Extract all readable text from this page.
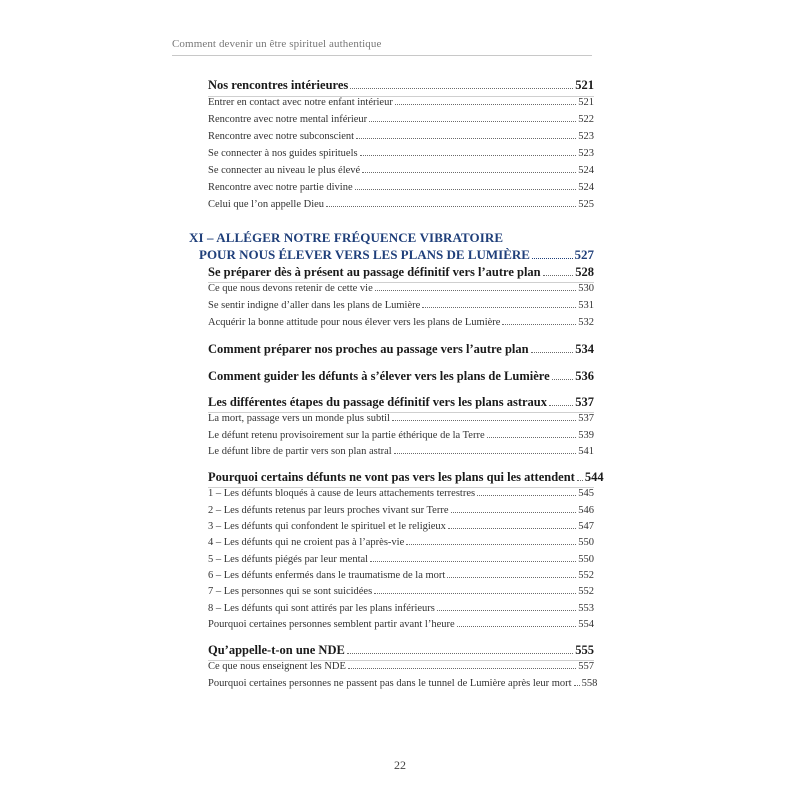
Comment devenir un être spirituel authentique
Nos rencontres intérieures	521
Entrer en contact avec notre enfant intérieur	521
Rencontre avec notre mental inférieur	522
Rencontre avec notre subconscient	523
Se connecter à nos guides spirituels	523
Se connecter au niveau le plus élevé	524
Rencontre avec notre partie divine	524
Celui que l’on appelle Dieu	525
XI – ALLÉGER NOTRE FRÉQUENCE VIBRATOIRE
POUR NOUS ÉLEVER VERS LES PLANS DE LUMIÈRE	527
Se préparer dès à présent au passage définitif vers l’autre plan	528
Ce que nous devons retenir de cette vie	530
Se sentir indigne d’aller dans les plans de Lumière	531
Acquérir la bonne attitude pour nous élever vers les plans de Lumière	532
Comment préparer nos proches au passage vers l’autre plan	534
Comment guider les défunts à s’élever vers les plans de Lumière 536
Les différentes étapes du passage définitif vers les plans astraux 537
La mort, passage vers un monde plus subtil	537
Le défunt retenu provisoirement sur la partie éthérique de la Terre	539
Le défunt libre de partir vers son plan astral	541
Pourquoi certains défunts ne vont pas vers les plans qui les attendent 544
1 – Les défunts bloqués à cause de leurs attachements terrestres	545
2 – Les défunts retenus par leurs proches vivant sur Terre	546
3 – Les défunts qui confondent le spirituel et le religieux	547
4 – Les défunts qui ne croient pas à l’après-vie	550
5 – Les défunts piégés par leur mental	550
6 – Les défunts enfermés dans le traumatisme de la mort	552
7 – Les personnes qui se sont suicidées	552
8 – Les défunts qui sont attirés par les plans inférieurs	553
Pourquoi certaines personnes semblent partir avant l’heure	554
Qu’appelle-t-on une NDE	555
Ce que nous enseignent les NDE	557
Pourquoi certaines personnes ne passent pas dans le tunnel de Lumière après leur mort 558
22
